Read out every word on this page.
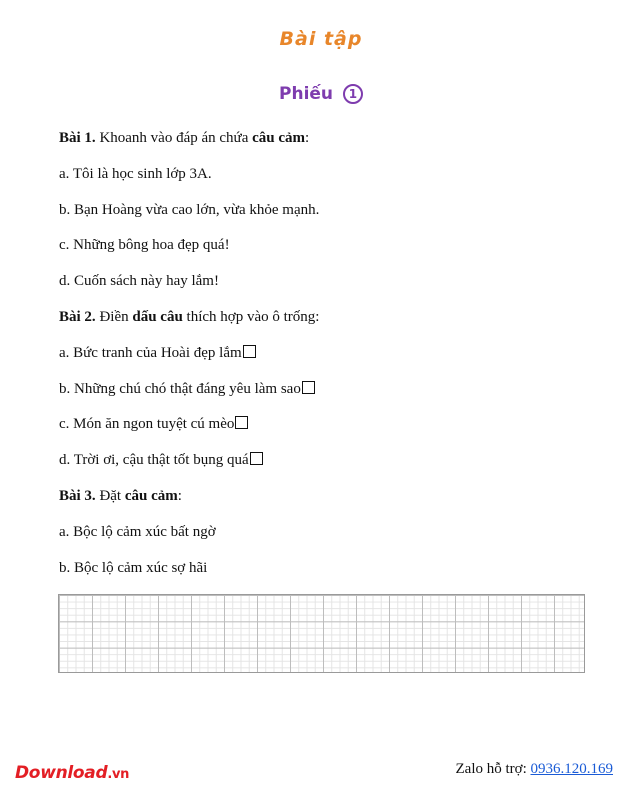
Bài tập
Phiếu 1
Bài 1. Khoanh vào đáp án chứa câu cảm:
a. Tôi là học sinh lớp 3A.
b. Bạn Hoàng vừa cao lớn, vừa khỏe mạnh.
c. Những bông hoa đẹp quá!
d. Cuốn sách này hay lắm!
Bài 2. Điền dấu câu thích hợp vào ô trống:
a. Bức tranh của Hoài đẹp lắm
b. Những chú chó thật đáng yêu làm sao
c. Món ăn ngon tuyệt cú mèo
d. Trời ơi, cậu thật tốt bụng quá
Bài 3. Đặt câu cảm:
a. Bộc lộ cảm xúc bất ngờ
b. Bộc lộ cảm xúc sợ hãi
Download.vn	Zalo hỗ trợ: 0936.120.169
